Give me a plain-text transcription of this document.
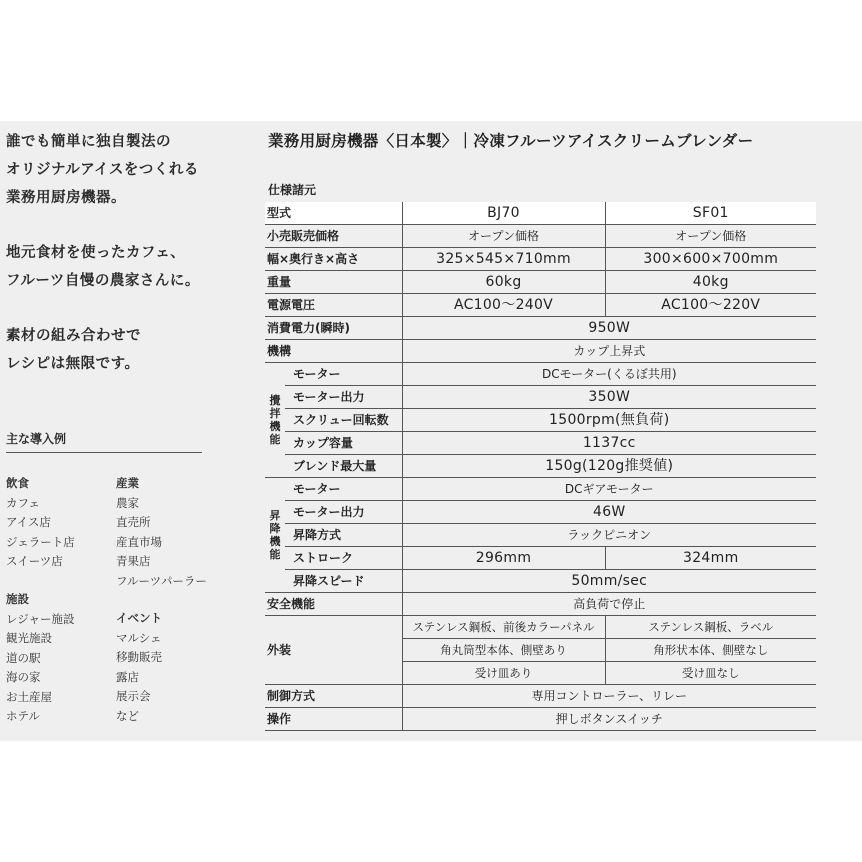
誰でも簡単に独自製法の

オリジナルアイスをつくれる

業務用厨房機器。

地元食材を使ったカフェ、

フルーツ自慢の農家さんに。

素材の組み合わせで

レシピは無限です。

主な導入例
飲食
カフェ
アイス店
ジェラート店
スイーツ店
産業
農家
直売所
産直市場
青果店
フルーツパーラー
施設
レジャー施設
観光施設
道の駅
海の家
お土産屋
ホテル
イベント
マルシェ
移動販売
露店
展示会
など
業務用厨房機器〈日本製〉｜冷凍フルーツアイスクリームブレンダー
仕様諸元
型式		BJ70	SF01
小売販売価格		オープン価格	オープン価格
幅×奥行き×高さ		325×545×710mm	300×600×700mm
重量		60kg	40kg
電源電圧		AC100〜240V	AC100〜220V
消費電力(瞬時)		950W	
機構		カップ上昇式	

攪拌機能	モーター	DCモーター(くるぼ共用)	
	モーター出力	350W	
	スクリュー回転数	1500rpm(無負荷)	
	カップ容量	1137cc	
	ブレンド最大量	150g(120g推奨値)	

昇降機能	モーター	DCギアモーター	
	モーター出力	46W	
	昇降方式	ラックピニオン	
	ストローク	296mm	324mm
	昇降スピード	50mm/sec	
安全機能		高負荷で停止	
外装		ステンレス鋼板、前後カラーパネル	ステンレス鋼板、ラベル
		角丸筒型本体、側壁あり	角形状本体、側壁なし
		受け皿あり	受け皿なし
制御方式		専用コントローラー、リレー	
操作		押しボタンスイッチ	
